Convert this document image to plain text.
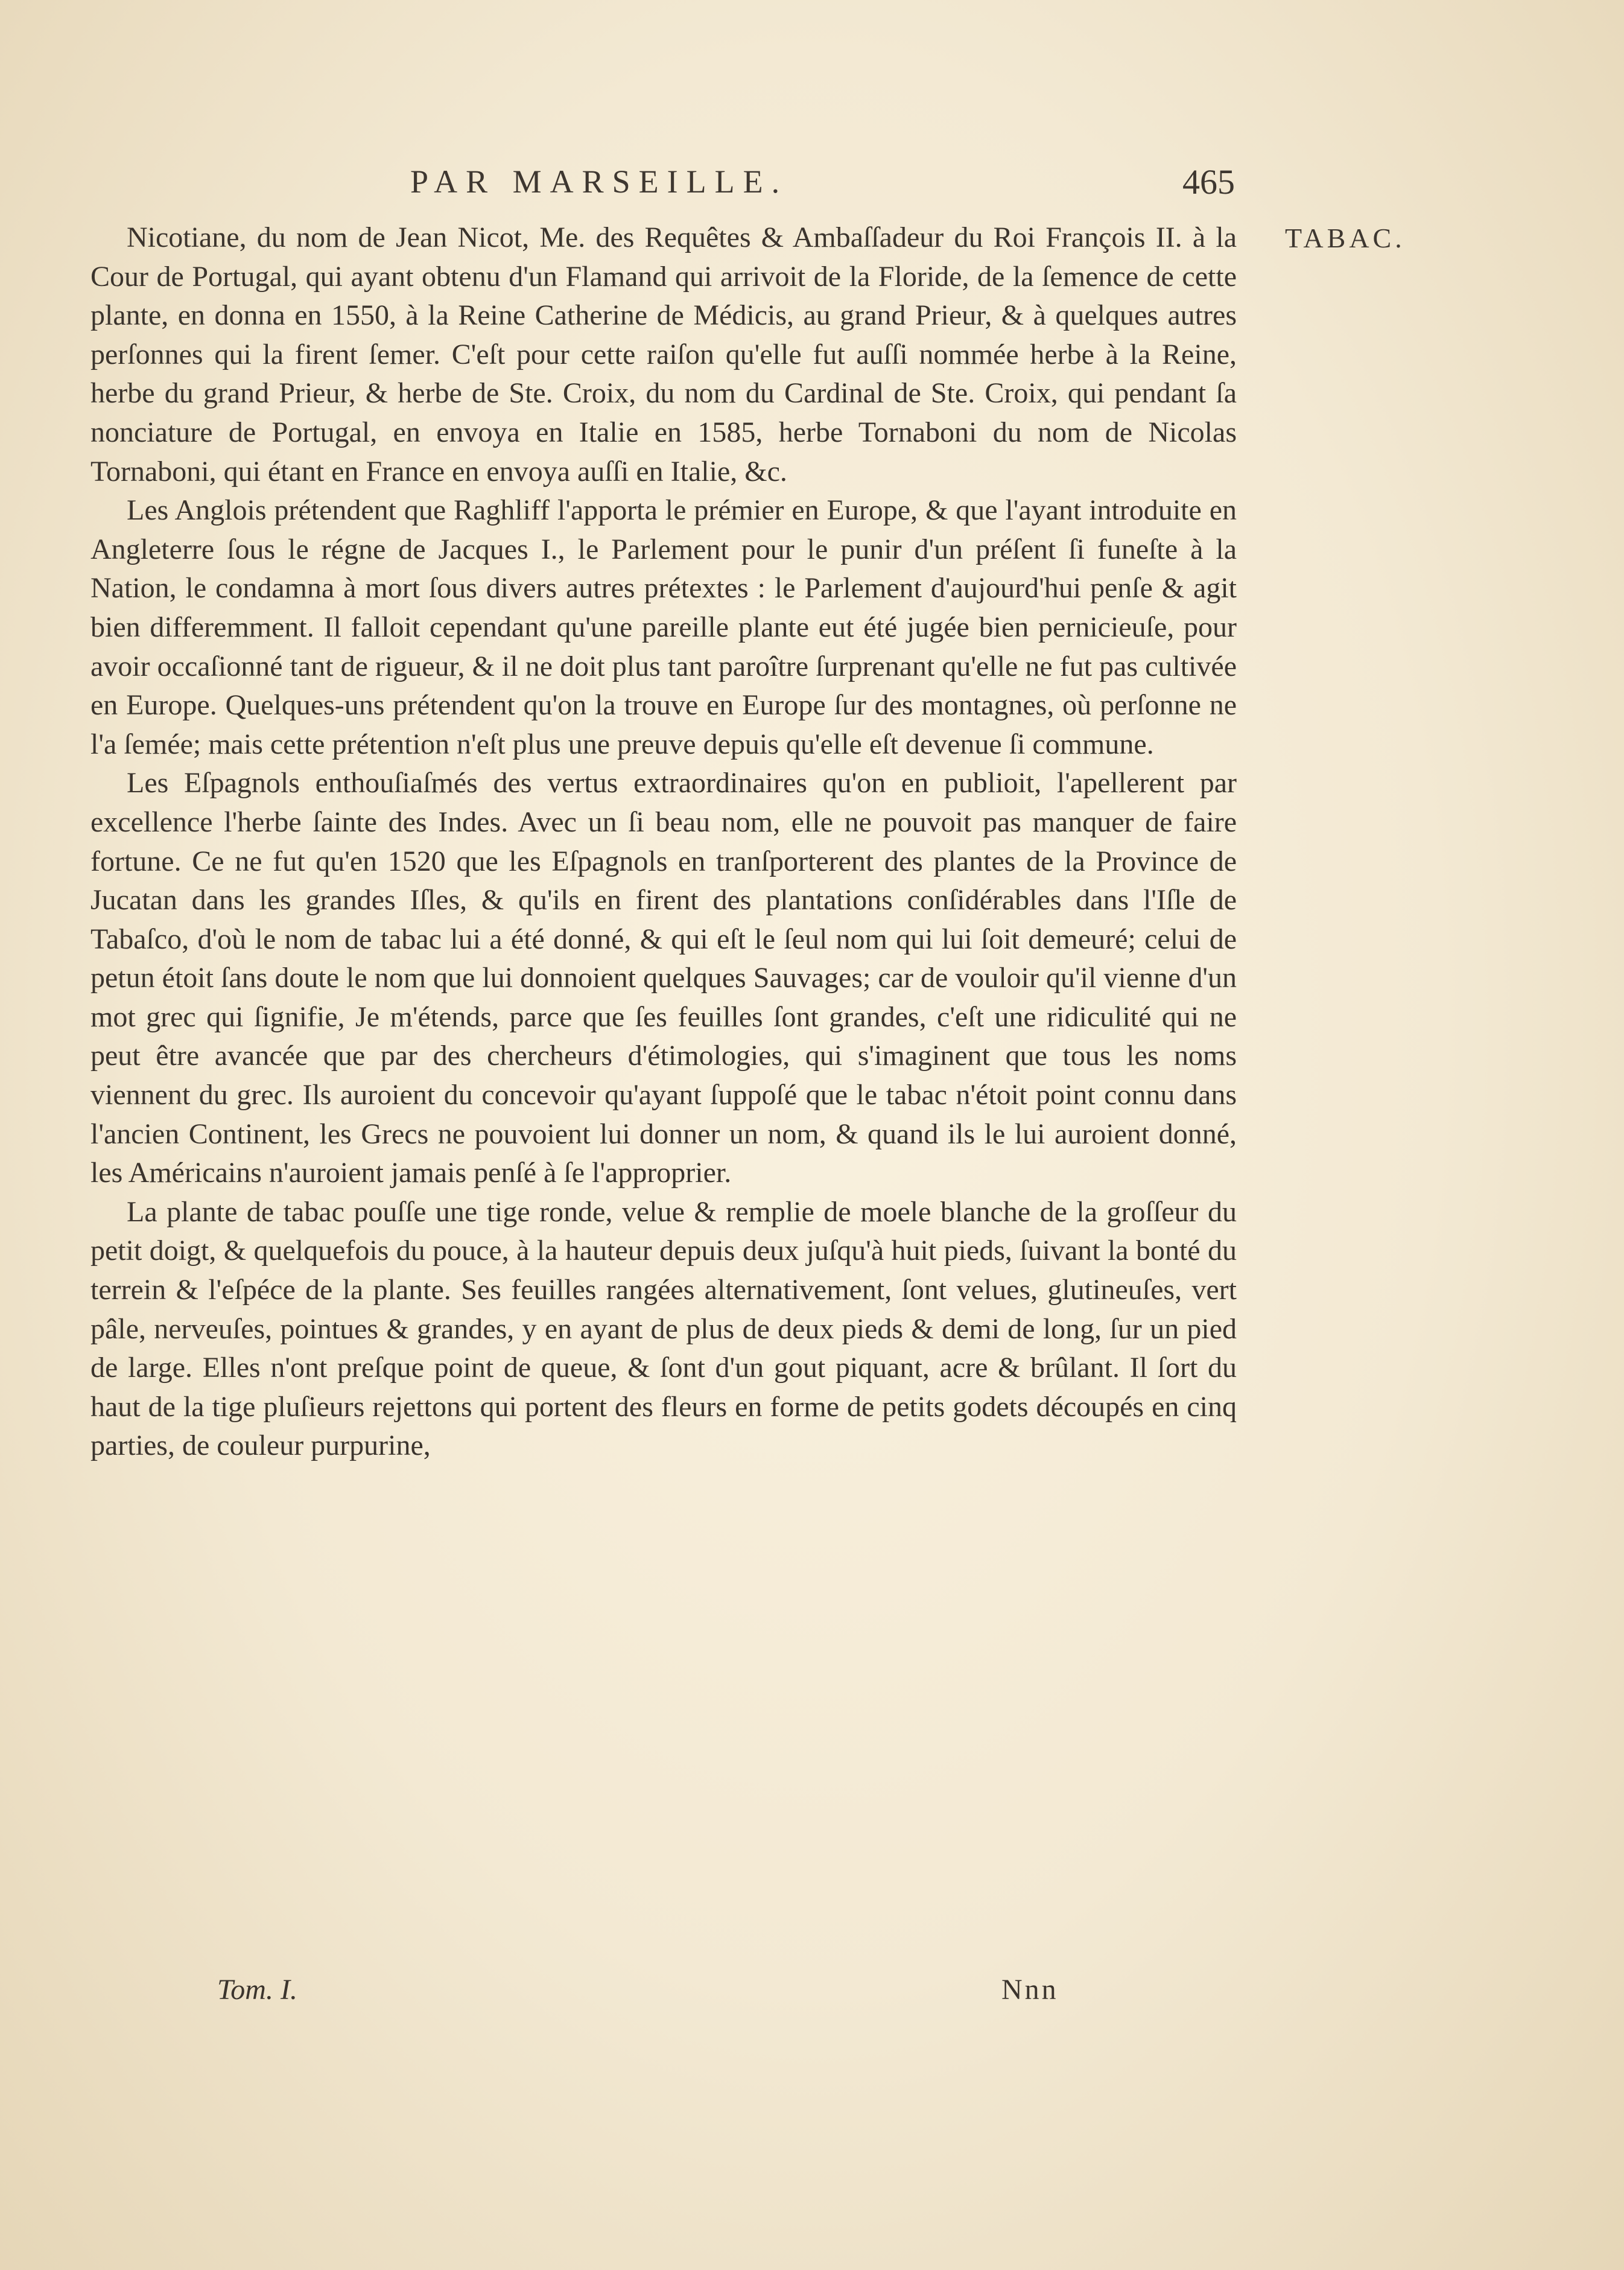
PAR MARSEILLE.	465
TABAC.

Nicotiane, du nom de Jean Nicot, Me. des Requêtes & Ambaſſadeur du Roi François II. à la Cour de Portugal, qui ayant obtenu d'un Flamand qui arrivoit de la Floride, de la ſemence de cette plante, en donna en 1550, à la Reine Catherine de Médicis, au grand Prieur, & à quelques autres perſonnes qui la firent ſemer. C'eſt pour cette raiſon qu'elle fut auſſi nommée herbe à la Reine, herbe du grand Prieur, & herbe de Ste. Croix, du nom du Cardinal de Ste. Croix, qui pendant ſa nonciature de Portugal, en envoya en Italie en 1585, herbe Tornaboni du nom de Nicolas Tornaboni, qui étant en France en envoya auſſi en Italie, &c.

Les Anglois prétendent que Raghliff l'apporta le prémier en Europe, & que l'ayant introduite en Angleterre ſous le régne de Jacques I., le Parlement pour le punir d'un préſent ſi funeſte à la Nation, le condamna à mort ſous divers autres prétextes : le Parlement d'aujourd'hui penſe & agit bien differemment. Il falloit cependant qu'une pareille plante eut été jugée bien pernicieuſe, pour avoir occaſionné tant de rigueur, & il ne doit plus tant paroître ſurprenant qu'elle ne fut pas cultivée en Europe. Quelques-uns prétendent qu'on la trouve en Europe ſur des montagnes, où perſonne ne l'a ſemée; mais cette prétention n'eſt plus une preuve depuis qu'elle eſt devenue ſi commune.

Les Eſpagnols enthouſiaſmés des vertus extraordinaires qu'on en publioit, l'apellerent par excellence l'herbe ſainte des Indes. Avec un ſi beau nom, elle ne pouvoit pas manquer de faire fortune. Ce ne fut qu'en 1520 que les Eſpagnols en tranſporterent des plantes de la Province de Jucatan dans les grandes Iſles, & qu'ils en firent des plantations conſidérables dans l'Iſle de Tabaſco, d'où le nom de tabac lui a été donné, & qui eſt le ſeul nom qui lui ſoit demeuré; celui de petun étoit ſans doute le nom que lui donnoient quelques Sauvages; car de vouloir qu'il vienne d'un mot grec qui ſignifie, Je m'étends, parce que ſes feuilles ſont grandes, c'eſt une ridiculité qui ne peut être avancée que par des chercheurs d'étimologies, qui s'imaginent que tous les noms viennent du grec. Ils auroient du concevoir qu'ayant ſuppoſé que le tabac n'étoit point connu dans l'ancien Continent, les Grecs ne pouvoient lui donner un nom, & quand ils le lui auroient donné, les Américains n'auroient jamais penſé à ſe l'approprier.

La plante de tabac pouſſe une tige ronde, velue & remplie de moele blanche de la groſſeur du petit doigt, & quelquefois du pouce, à la hauteur depuis deux juſqu'à huit pieds, ſuivant la bonté du terrein & l'eſpéce de la plante. Ses feuilles rangées alternativement, ſont velues, glutineuſes, vert pâle, nerveuſes, pointues & grandes, y en ayant de plus de deux pieds & demi de long, ſur un pied de large. Elles n'ont preſque point de queue, & ſont d'un gout piquant, acre & brûlant. Il ſort du haut de la tige pluſieurs rejettons qui portent des fleurs en forme de petits godets découpés en cinq parties, de couleur purpurine,

Tom. I.	Nnn
